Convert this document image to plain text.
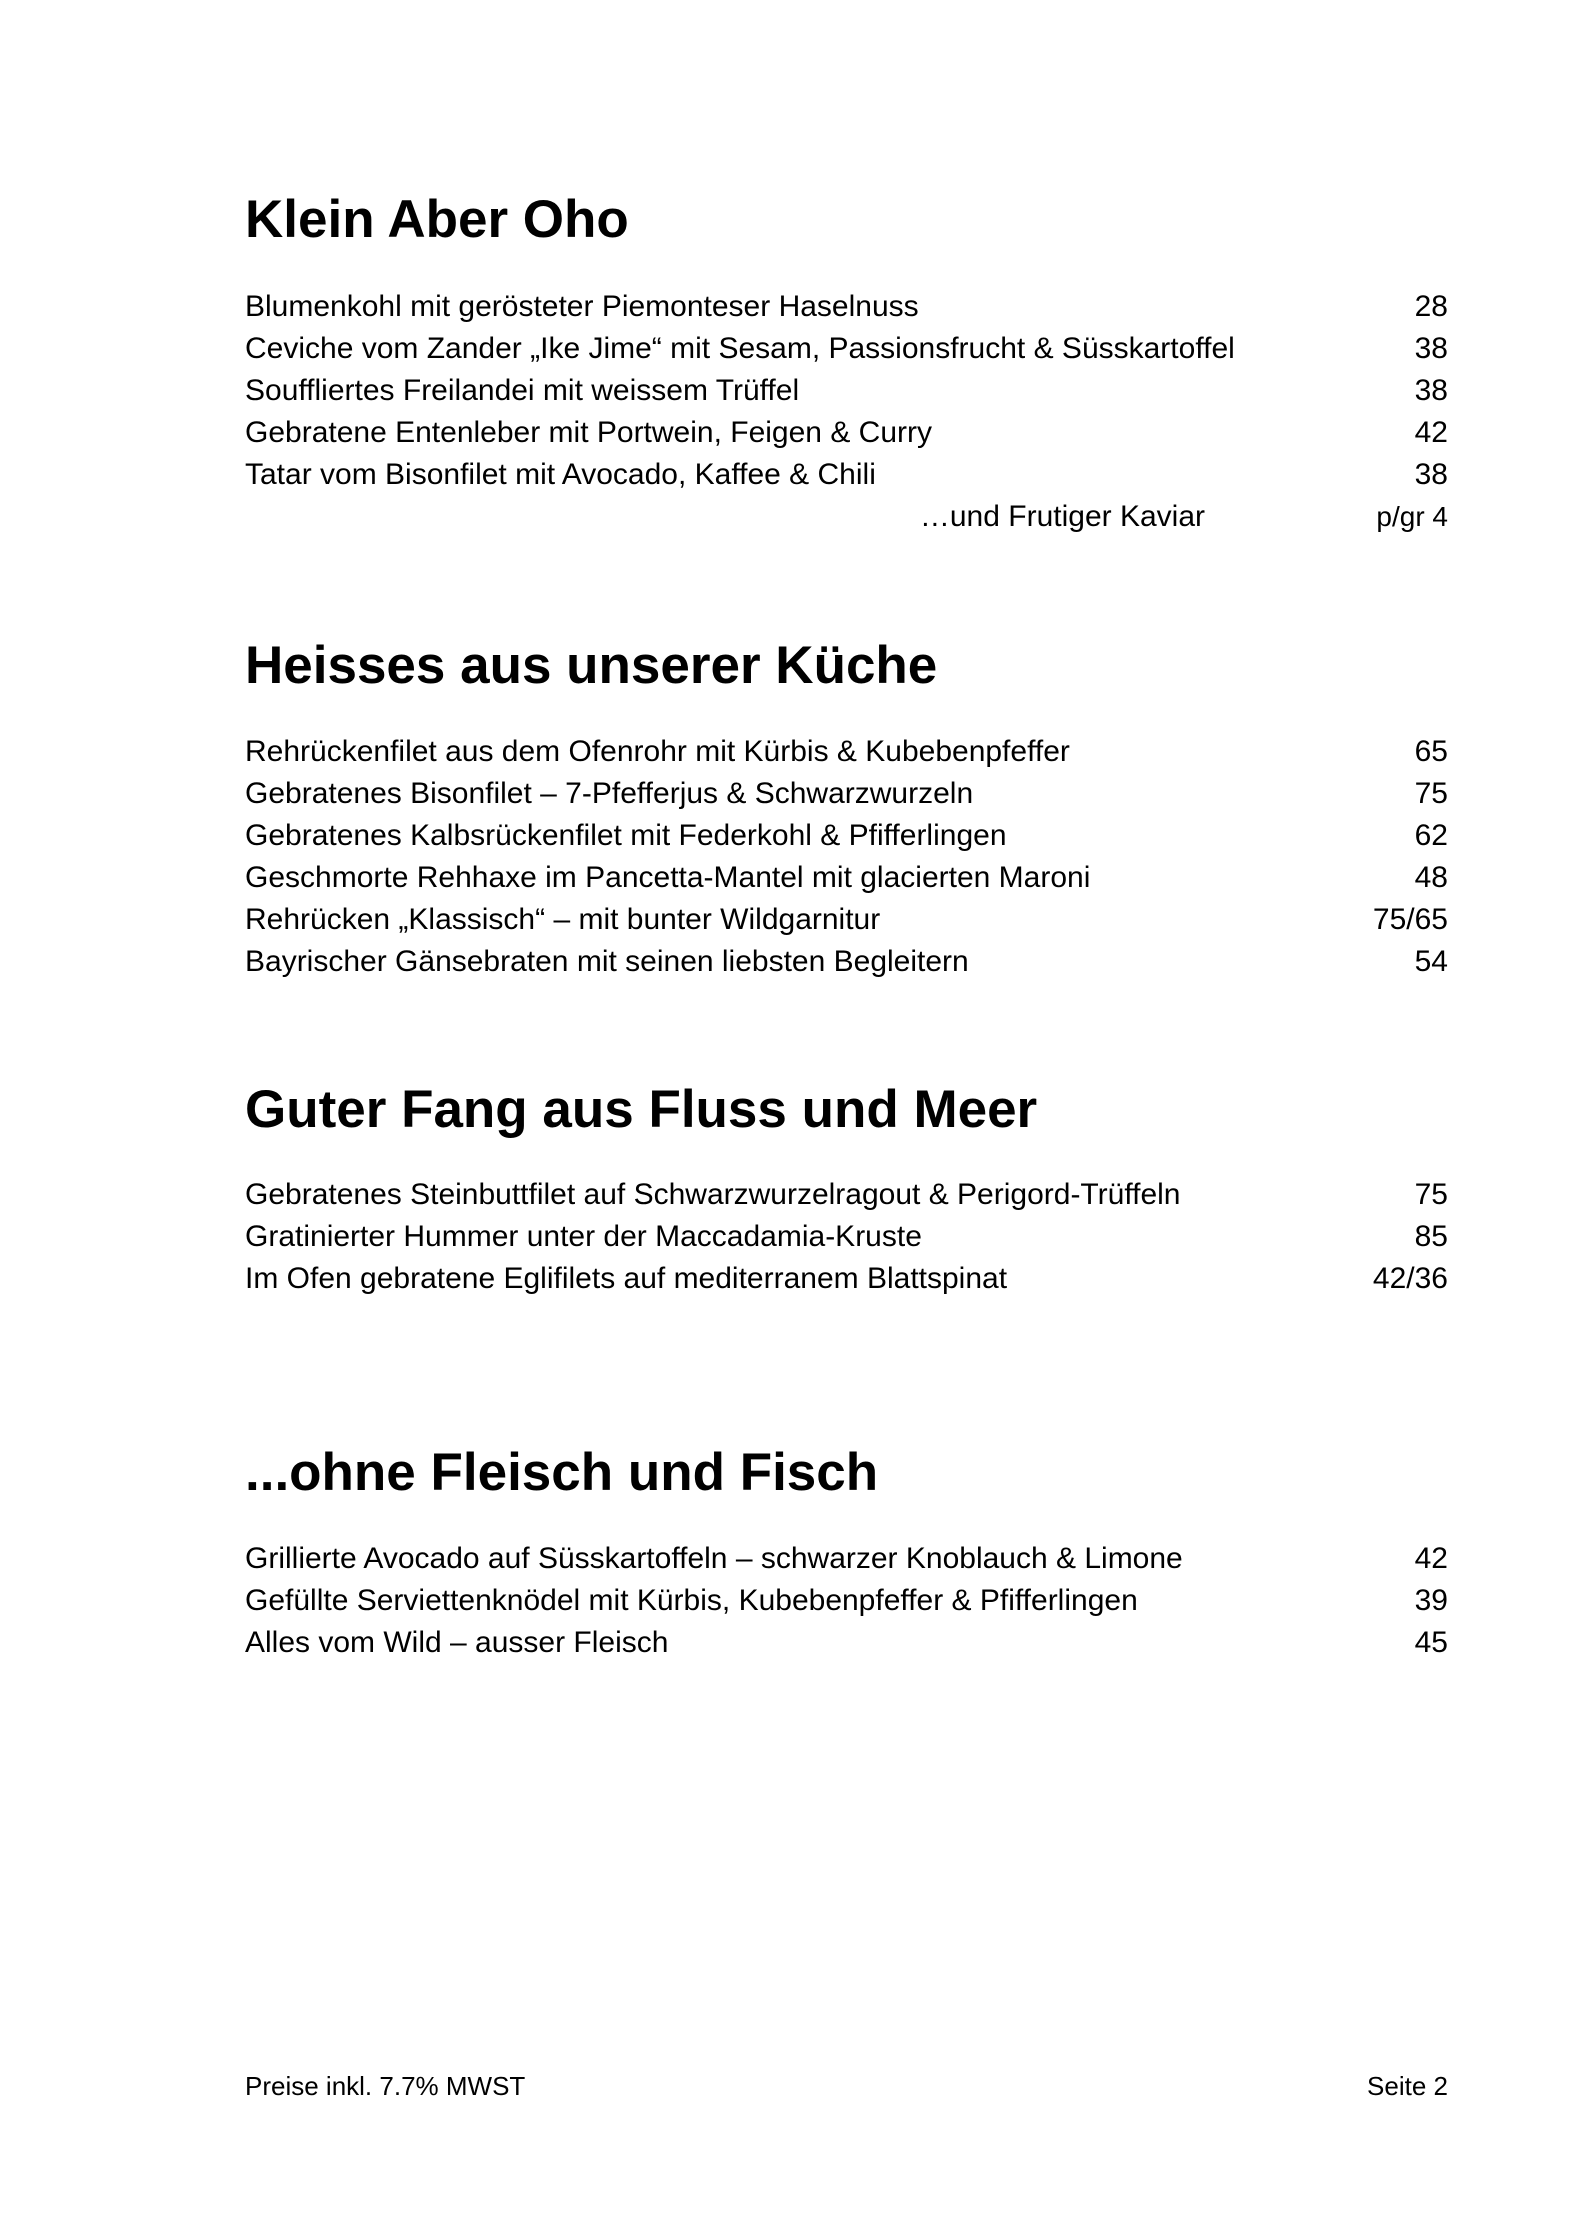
Klein Aber Oho
Blumenkohl mit gerösteter Piemonteser Haselnuss	28
Ceviche vom Zander „Ike Jime“ mit Sesam, Passionsfrucht & Süsskartoffel	38
Souffliertes Freilandei mit weissem Trüffel	38
Gebratene Entenleber mit Portwein, Feigen & Curry	42
Tatar vom Bisonfilet mit Avocado, Kaffee & Chili	38
…und Frutiger Kaviar	p/gr 4
Heisses aus unserer Küche
Rehrückenfilet aus dem Ofenrohr mit Kürbis & Kubebenpfeffer	65
Gebratenes Bisonfilet – 7-Pfefferjus & Schwarzwurzeln	75
Gebratenes Kalbsrückenfilet mit Federkohl & Pfifferlingen	62
Geschmorte Rehhaxe im Pancetta-Mantel mit glacierten Maroni	48
Rehrücken „Klassisch“ – mit bunter Wildgarnitur	75/65
Bayrischer Gänsebraten mit seinen liebsten Begleitern	54
Guter Fang aus Fluss und Meer
Gebratenes Steinbuttfilet auf Schwarzwurzelragout & Perigord-Trüffeln	75
Gratinierter Hummer unter der Maccadamia-Kruste	85
Im Ofen gebratene Eglifilets auf mediterranem Blattspinat	42/36
...ohne Fleisch und Fisch
Grillierte Avocado auf Süsskartoffeln – schwarzer Knoblauch & Limone	42
Gefüllte Serviettenknödel mit Kürbis, Kubebenpfeffer & Pfifferlingen	39
Alles vom Wild – ausser Fleisch	45
Preise inkl. 7.7% MWST	Seite 2
